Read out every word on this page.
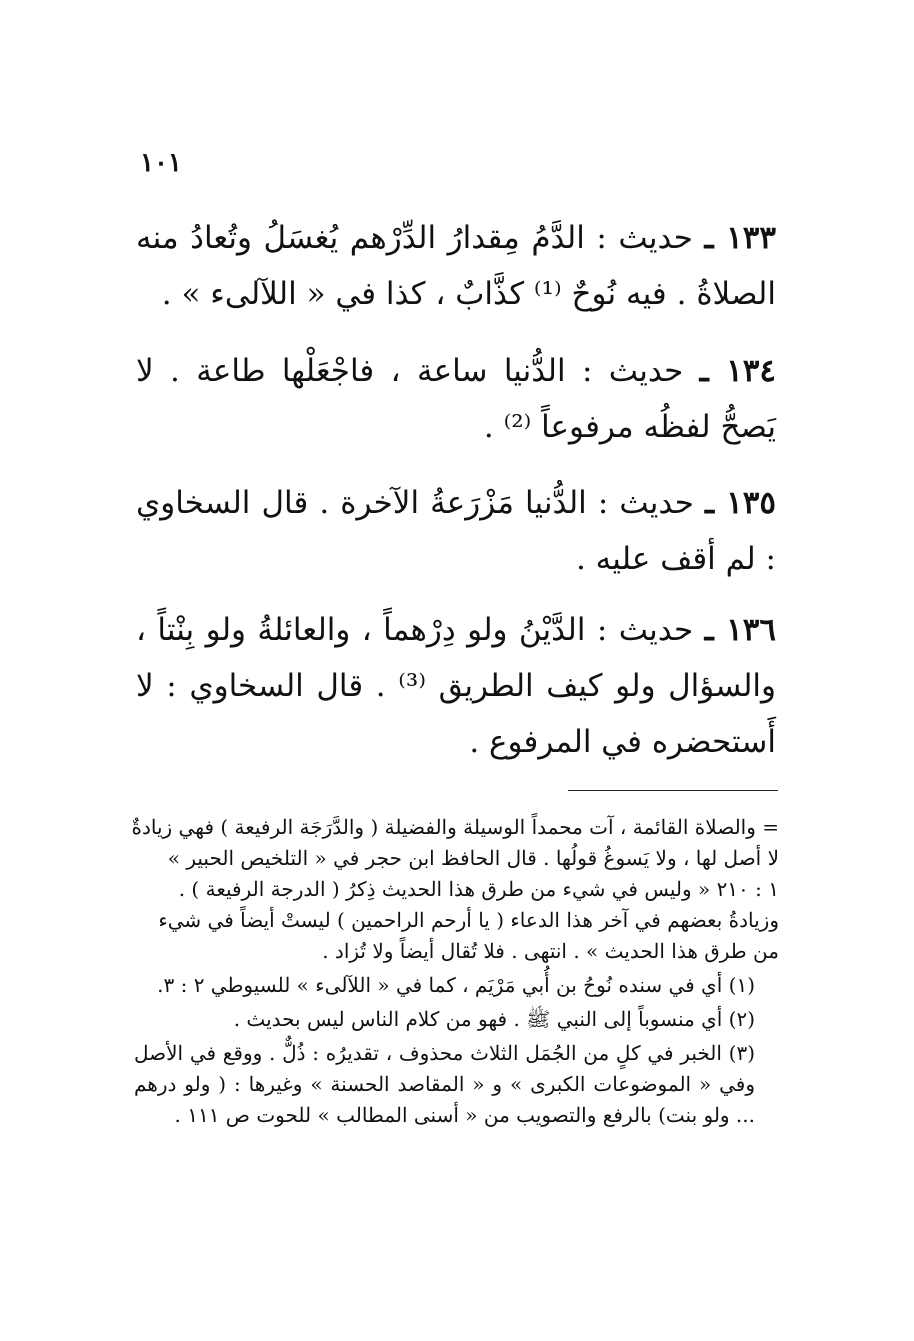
١٠١
١٣٣ ـ حديث : الدَّمُ مِقدارُ الدِّرْهم يُغسَلُ وتُعادُ منه الصلاةُ . فيه نُوحٌ ⁽¹⁾ كذَّابٌ ، كذا في « اللآلىء » .
١٣٤ ـ حديث : الدُّنيا ساعة ، فاجْعَلْها طاعة . لا يَصحُّ لفظُه مرفوعاً ⁽²⁾ .
١٣٥ ـ حديث : الدُّنيا مَزْرَعةُ الآخرة . قال السخاوي : لم أقف عليه .
١٣٦ ـ حديث : الدَّيْنُ ولو دِرْهماً ، والعائلةُ ولو بِنْتاً ، والسؤال ولو كيف الطريق ⁽³⁾ . قال السخاوي : لا أَستحضره في المرفوع .
= والصلاة القائمة ، آت محمداً الوسيلة والفضيلة ( والدَّرَجَة الرفيعة ) فهي زيادةٌ
لا أصل لها ، ولا يَسوغُ قولُها . قال الحافظ ابن حجر في « التلخيص الحبير »
١ : ٢١٠ « وليس في شيء من طرق هذا الحديث ذِكرُ ( الدرجة الرفيعة ) .
وزيادةُ بعضهم في آخر هذا الدعاء ( يا أرحم الراحمين ) ليستْ أيضاً في شيء
من طرق هذا الحديث » . انتهى . فلا تُقال أيضاً ولا تُزاد .
(١) أي في سنده نُوحُ بن أُبي مَرْيَم ، كما في « اللآلىء » للسيوطي ٢ : ٣.
(٢) أي منسوباً إلى النبي ﷺ . فهو من كلام الناس ليس بحديث .
(٣) الخبر في كلٍ من الجُمَل الثلاث محذوف ، تقديرُه : ذُلٌّ . ووقع في الأصل وفي « الموضوعات الكبرى » و « المقاصد الحسنة » وغيرها : ( ولو درهم ... ولو بنت) بالرفع والتصويب من « أسنى المطالب » للحوت ص ١١١ .
